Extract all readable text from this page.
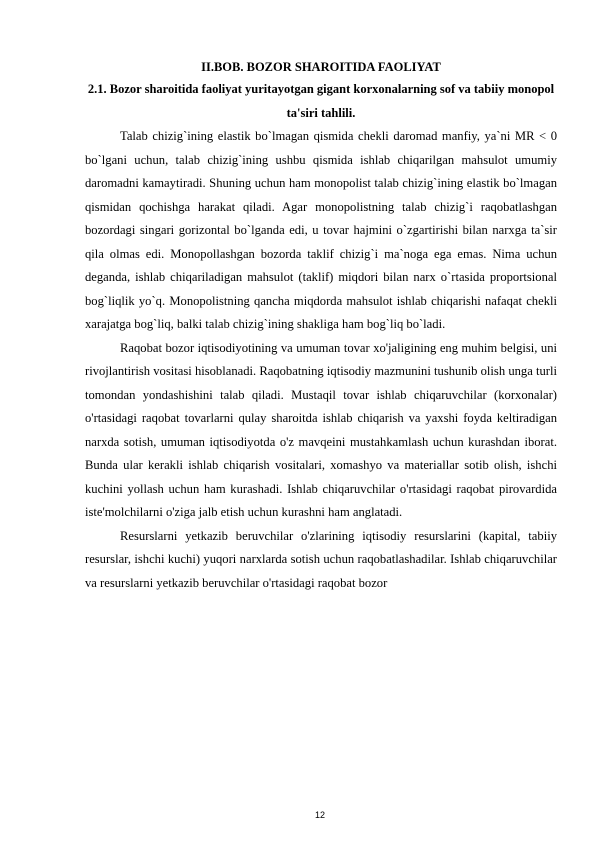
II.BOB. BOZOR SHAROITIDA FAOLIYAT
2.1. Bozor sharoitida faoliyat yuritayotgan gigant korxonalarning sof va tabiiy monopol ta'siri tahlili.

Talab chizig`ining elastik bo`lmagan qismida chekli daromad manfiy, ya`ni MR < 0 bo`lgani uchun, talab chizig`ining ushbu qismida ishlab chiqarilgan mahsulot umumiy daromadni kamaytiradi. Shuning uchun ham monopolist talab chizig`ining elastik bo`lmagan qismidan qochishga harakat qiladi. Agar monopolistning talab chizig`i raqobatlashgan bozordagi singari gorizontal bo`lganda edi, u tovar hajmini o`zgartirishi bilan narxga ta`sir qila olmas edi. Monopollashgan bozorda taklif chizig`i ma`noga ega emas. Nima uchun deganda, ishlab chiqariladigan mahsulot (taklif) miqdori bilan narx o`rtasida proportsional bog`liqlik yo`q. Monopolistning qancha miqdorda mahsulot ishlab chiqarishi nafaqat chekli xarajatga bog`liq, balki talab chizig`ining shakliga ham bog`liq bo`ladi.

Raqobat bozor iqtisodiyotining va umuman tovar xo'jaligining eng muhim belgisi, uni rivojlantirish vositasi hisoblanadi. Raqobatning iqtisodiy mazmunini tushunib olish unga turli tomondan yondashishini talab qiladi. Mustaqil tovar ishlab chiqaruvchilar (korxonalar) o'rtasidagi raqobat tovarlarni qulay sharoitda ishlab chiqarish va yaxshi foyda keltiradigan narxda sotish, umuman iqtisodiyotda o'z mavqeini mustahkamlash uchun kurashdan iborat. Bunda ular kerakli ishlab chiqarish vositalari, xomashyo va materiallar sotib olish, ishchi kuchini yollash uchun ham kurashadi. Ishlab chiqaruvchilar o'rtasidagi raqobat pirovardida iste'molchilarni o'ziga jalb etish uchun kurashni ham anglatadi.

Resurslarni yetkazib beruvchilar o'zlarining iqtisodiy resurslarini (kapital, tabiiy resurslar, ishchi kuchi) yuqori narxlarda sotish uchun raqobatlashadilar. Ishlab chiqaruvchilar va resurslarni yetkazib beruvchilar o'rtasidagi raqobat bozor

12
